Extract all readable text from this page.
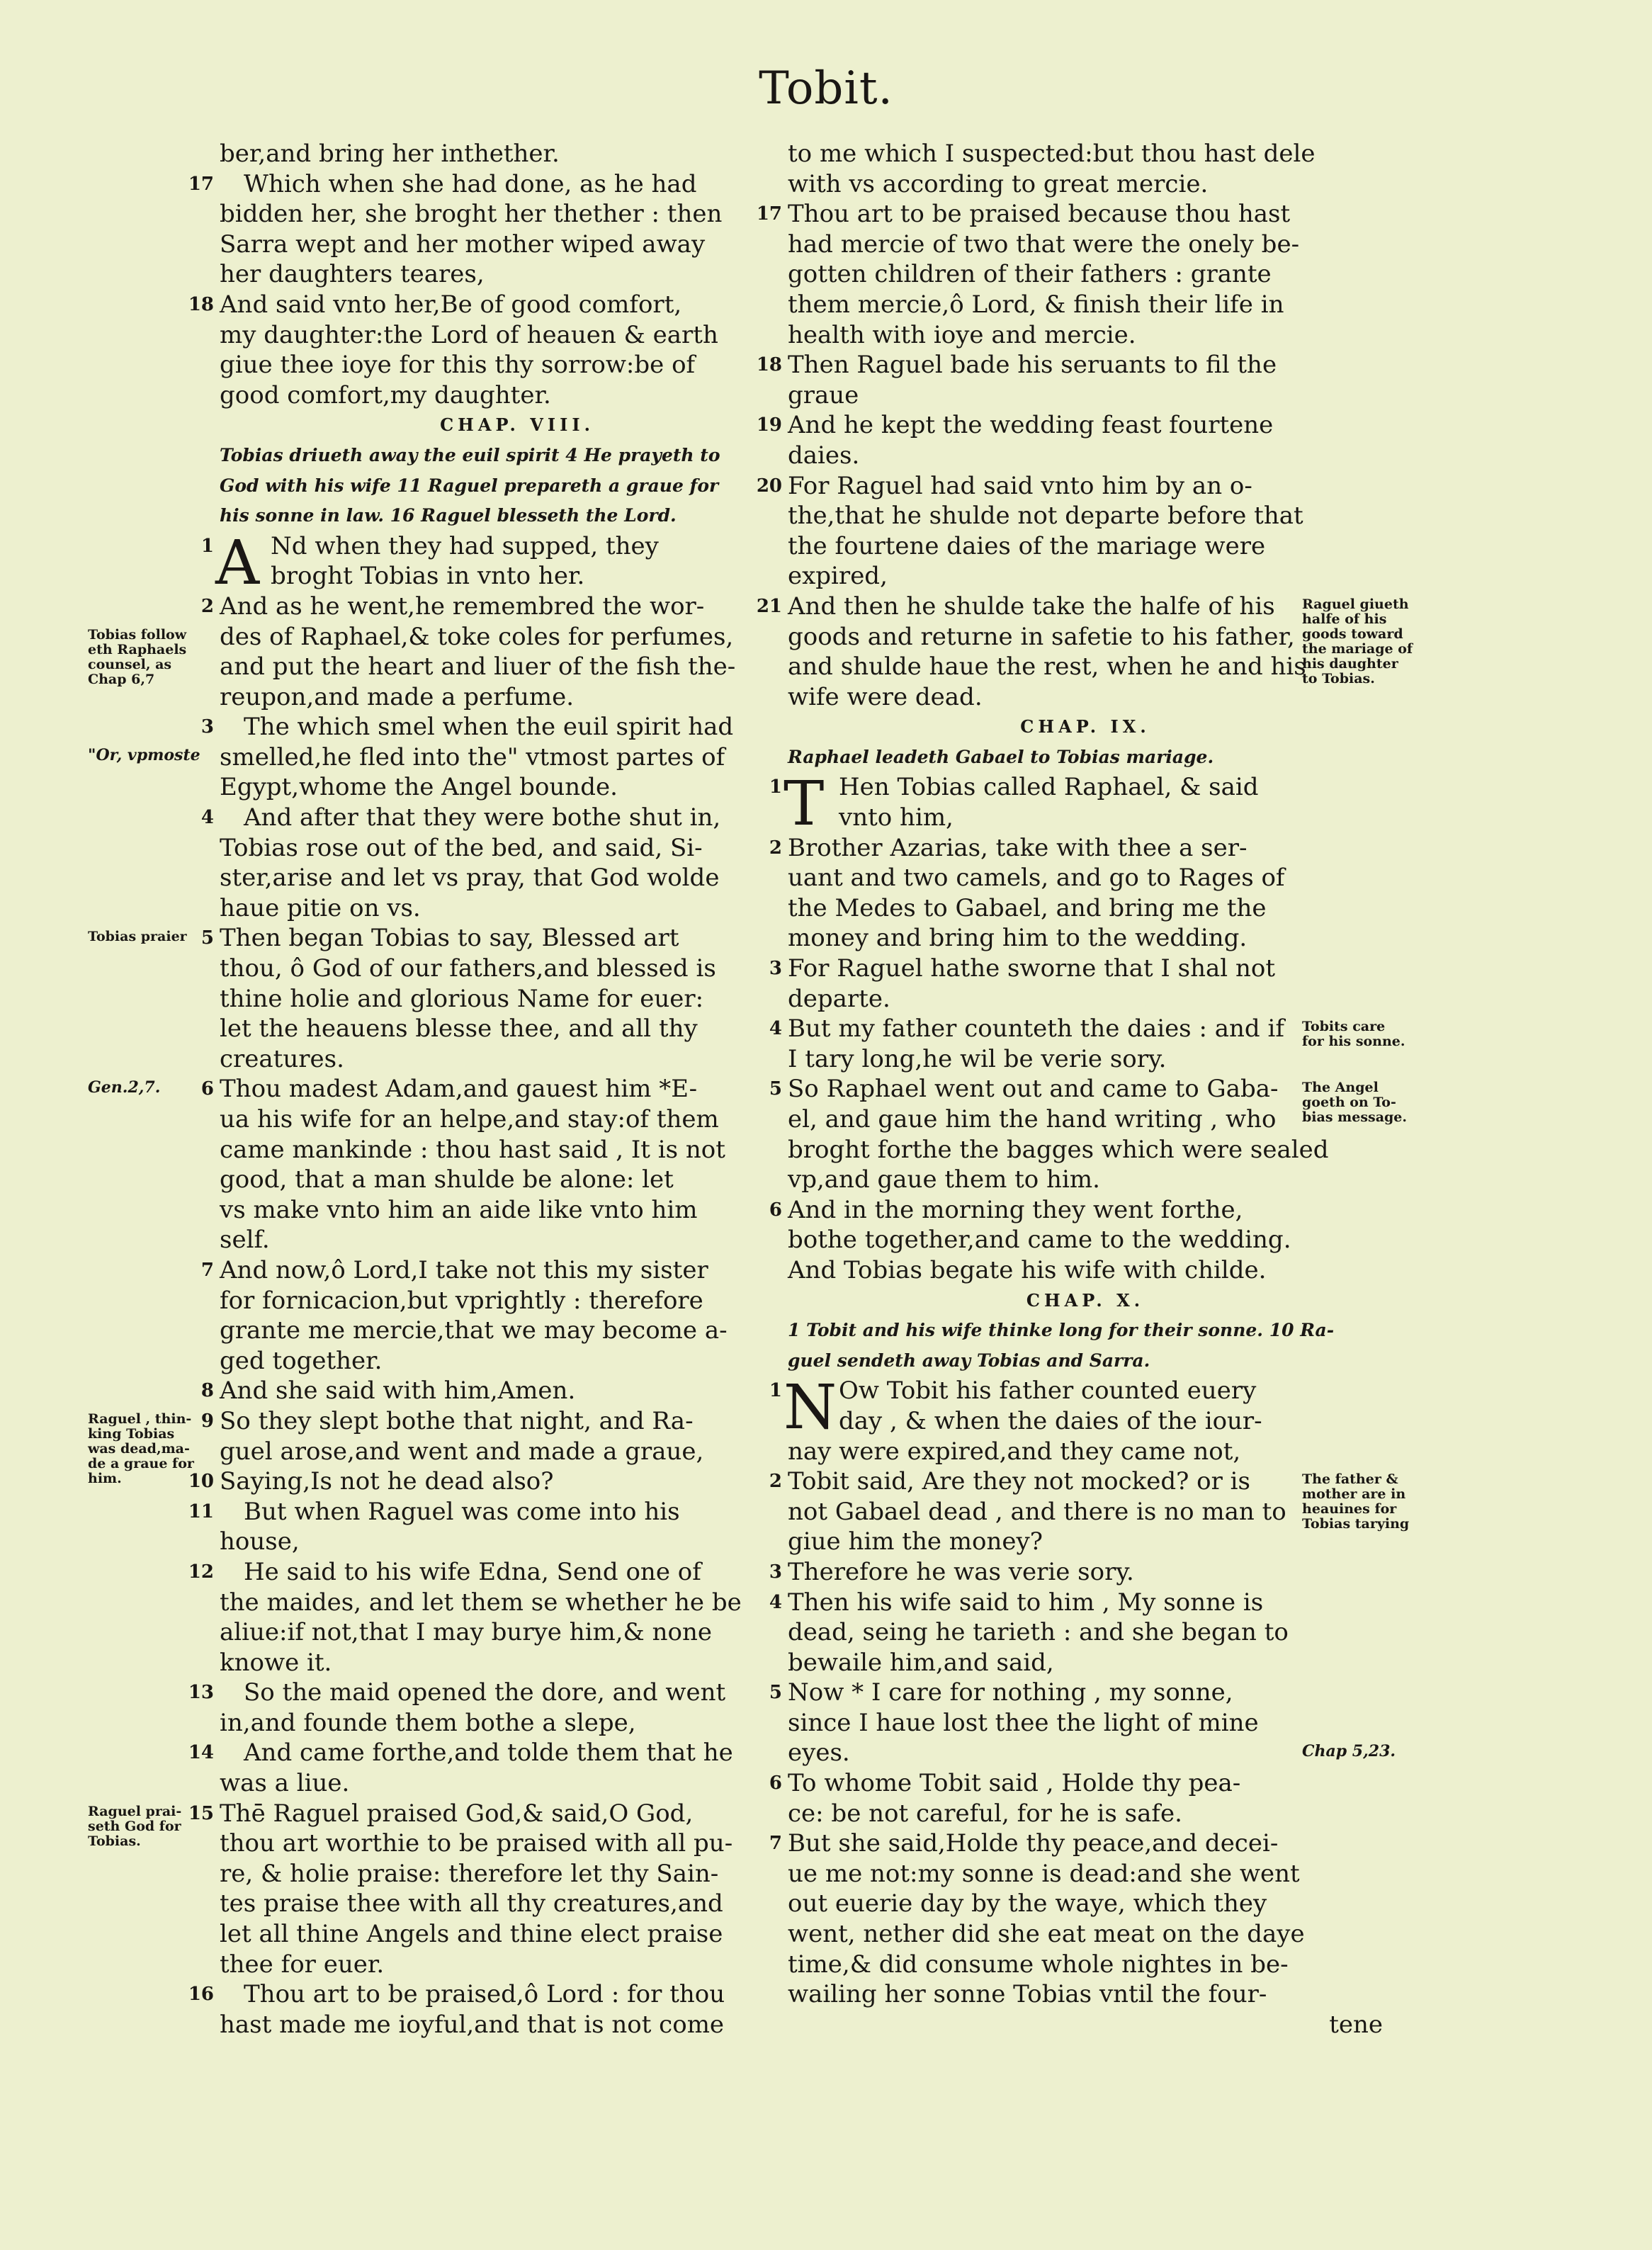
Tobit.
ber,and bring her inthether.
17 Which when she had done, as he had
bidden her, she broght her thether : then
Sarra wept and her mother wiped away
her daughters teares,
18 And said vnto her,Be of good comfort,
my daughter:the Lord of heauen & earth
giue thee ioye for this thy sorrow:be of
good comfort,my daughter.
CHAP. VIII.
Tobias driueth away the euil spirit 4 He prayeth to
God with his wife 11 Raguel prepareth a graue for
his sonne in law. 16 Raguel blesseth the Lord.
1 A Nd when they had supped, they
broght Tobias in vnto her.
2 And as he went,he remembred the wor-
des of Raphael,& toke coles for perfumes,
and put the heart and liuer of the fish the-
reupon,and made a perfume.
3 The which smel when the euil spirit had
smelled,he fled into the" vtmost partes of
Egypt,whome the Angel bounde.
4 And after that they were bothe shut in,
Tobias rose out of the bed, and said, Si-
ster,arise and let vs pray, that God wolde
haue pitie on vs.
5 Then began Tobias to say, Blessed art
thou, ô God of our fathers,and blessed is
thine holie and glorious Name for euer:
let the heauens blesse thee, and all thy
creatures.
6 Thou madest Adam,and gauest him *E-
ua his wife for an helpe,and stay:of them
came mankinde : thou hast said , It is not
good, that a man shulde be alone: let
vs make vnto him an aide like vnto him
self.
7 And now,ô Lord,I take not this my sister
for fornicacion,but vprightly : therefore
grante me mercie,that we may become a-
ged together.
8 And she said with him,Amen.
9 So they slept bothe that night, and Ra-
guel arose,and went and made a graue,
10 Saying,Is not he dead also?
11 But when Raguel was come into his
house,
12 He said to his wife Edna, Send one of
the maides, and let them se whether he be
aliue:if not,that I may burye him,& none
knowe it.
13 So the maid opened the dore, and went
in,and founde them bothe a slepe,
14 And came forthe,and tolde them that he
was a liue.
15 Thē Raguel praised God,& said,O God,
thou art worthie to be praised with all pu-
re, & holie praise: therefore let thy Sain-
tes praise thee with all thy creatures,and
let all thine Angels and thine elect praise
thee for euer.
16 Thou art to be praised,ô Lord : for thou
hast made me ioyful,and that is not come
to me which I suspected:but thou hast dele
with vs according to great mercie.
17 Thou art to be praised because thou hast
had mercie of two that were the onely be-
gotten children of their fathers : grante
them mercie,ô Lord, & finish their life in
health with ioye and mercie.
18 Then Raguel bade his seruants to fil the
graue
19 And he kept the wedding feast fourtene
daies.
20 For Raguel had said vnto him by an o-
the,that he shulde not departe before that
the fourtene daies of the mariage were
expired,
21 And then he shulde take the halfe of his
goods and returne in safetie to his father,
and shulde haue the rest, when he and his
wife were dead.
CHAP. IX.
Raphael leadeth Gabael to Tobias mariage.
1 T Hen Tobias called Raphael, & said
vnto him,
2 Brother Azarias, take with thee a ser-
uant and two camels, and go to Rages of
the Medes to Gabael, and bring me the
money and bring him to the wedding.
3 For Raguel hathe sworne that I shal not
departe.
4 But my father counteth the daies : and if
I tary long,he wil be verie sory.
5 So Raphael went out and came to Gaba-
el, and gaue him the hand writing , who
broght forthe the bagges which were sealed
vp,and gaue them to him.
6 And in the morning they went forthe,
bothe together,and came to the wedding.
And Tobias begate his wife with childe.
CHAP. X.
1 Tobit and his wife thinke long for their sonne. 10 Ra-
guel sendeth away Tobias and Sarra.
1 N Ow Tobit his father counted euery
day , & when the daies of the iour-
nay were expired,and they came not,
2 Tobit said, Are they not mocked? or is
not Gabael dead , and there is no man to
giue him the money?
3 Therefore he was verie sory.
4 Then his wife said to him , My sonne is
dead, seing he tarieth : and she began to
bewaile him,and said,
5 Now * I care for nothing , my sonne,
since I haue lost thee the light of mine
eyes.
6 To whome Tobit said , Holde thy pea-
ce: be not careful, for he is safe.
7 But she said,Holde thy peace,and decei-
ue me not:my sonne is dead:and she went
out euerie day by the waye, which they
went, nether did she eat meat on the daye
time,& did consume whole nightes in be-
wailing her sonne Tobias vntil the four-
tene
Tobias follow
eth Raphaels
counsel, as
Chap 6,7
"Or, vpmoste
Tobias praier
Gen.2,7.
Raguel , thin-
king Tobias
was dead,ma-
de a graue for
him.
Raguel prai-
seth God for
Tobias.
Raguel giueth
halfe of his
goods toward
the mariage of
his daughter
to Tobias.
Tobits care
for his sonne.
The Angel
goeth on To-
bias message.
The father &
mother are in
heauines for
Tobias tarying
Chap 5,23.
